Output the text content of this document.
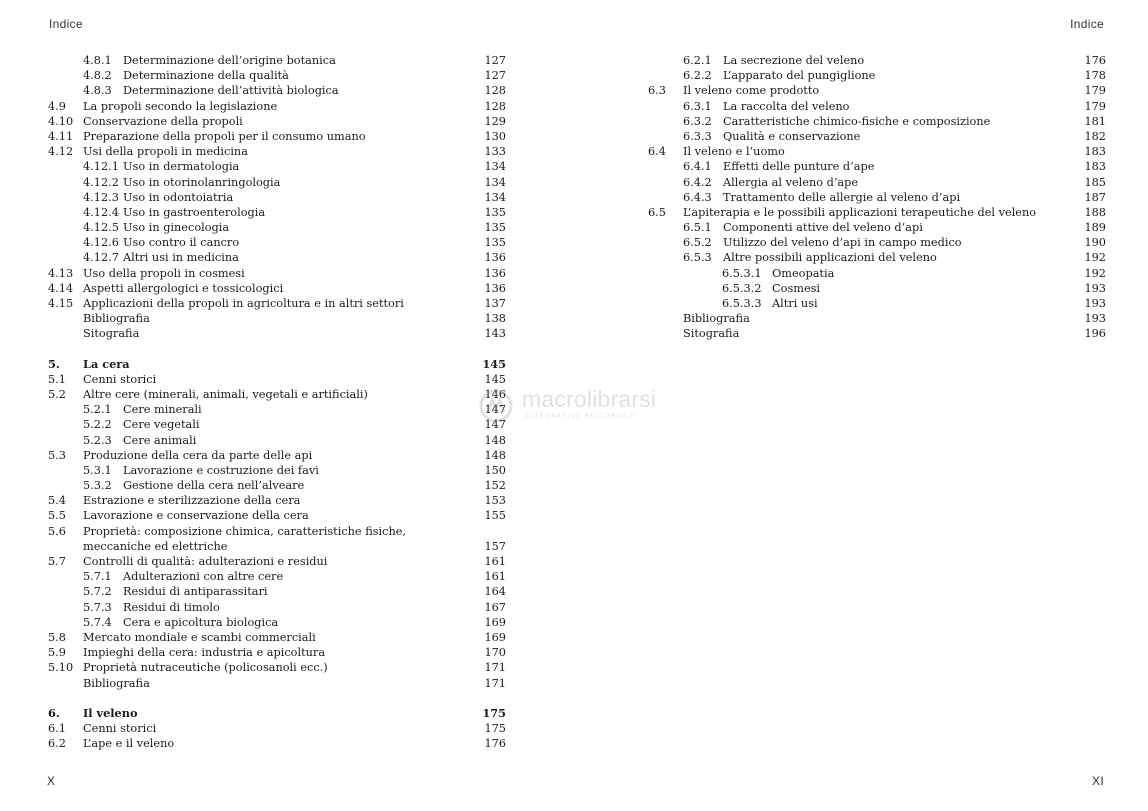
Indice	Indice
4.8.1 Determinazione dell’origine botanica	127
4.8.2 Determinazione della qualità	127
4.8.3 Determinazione dell’attività biologica	128
4.9 La propoli secondo la legislazione	128
4.10 Conservazione della propoli	129
4.11 Preparazione della propoli per il consumo umano	130
4.12 Usi della propoli in medicina	133
4.12.1 Uso in dermatologia	134
4.12.2 Uso in otorinolanringologia	134
4.12.3 Uso in odontoiatria	134
4.12.4 Uso in gastroenterologia	135
4.12.5 Uso in ginecologia	135
4.12.6 Uso contro il cancro	135
4.12.7 Altri usi in medicina	136
4.13 Uso della propoli in cosmesi	136
4.14 Aspetti allergologici e tossicologici	136
4.15 Applicazioni della propoli in agricoltura e in altri settori	137
Bibliografia	138
Sitografia	143
5. La cera	145
5.1 Cenni storici	145
5.2 Altre cere (minerali, animali, vegetali e artificiali)	146
5.2.1 Cere minerali	147
5.2.2 Cere vegetali	147
5.2.3 Cere animali	148
5.3 Produzione della cera da parte delle api	148
5.3.1 Lavorazione e costruzione dei favi	150
5.3.2 Gestione della cera nell’alveare	152
5.4 Estrazione e sterilizzazione della cera	153
5.5 Lavorazione e conservazione della cera	155
5.6 Proprietà: composizione chimica, caratteristiche fisiche,
meccaniche ed elettriche	157
5.7 Controlli di qualità: adulterazioni e residui	161
5.7.1 Adulterazioni con altre cere	161
5.7.2 Residui di antiparassitari	164
5.7.3 Residui di timolo	167
5.7.4 Cera e apicoltura biologica	169
5.8 Mercato mondiale e scambi commerciali	169
5.9 Impieghi della cera: industria e apicoltura	170
5.10 Proprietà nutraceutiche (policosanoli ecc.)	171
Bibliografia	171
6. Il veleno	175
6.1 Cenni storici	175
6.2 L’ape e il veleno	176
6.2.1 La secrezione del veleno	176
6.2.2 L’apparato del pungiglione	178
6.3 Il veleno come prodotto	179
6.3.1 La raccolta del veleno	179
6.3.2 Caratteristiche chimico-fisiche e composizione	181
6.3.3 Qualità e conservazione	182
6.4 Il veleno e l’uomo	183
6.4.1 Effetti delle punture d’ape	183
6.4.2 Allergia al veleno d’ape	185
6.4.3 Trattamento delle allergie al veleno d’api	187
6.5 L’apiterapia e le possibili applicazioni terapeutiche del veleno	188
6.5.1 Componenti attive del veleno d’api	189
6.5.2 Utilizzo del veleno d’api in campo medico	190
6.5.3 Altre possibili applicazioni del veleno	192
6.5.3.1 Omeopatia	192
6.5.3.2 Cosmesi	193
6.5.3.3 Altri usi	193
Bibliografia	193
Sitografia	196
macrolibrarsi
ALTERNATIVE EDITORIALE
X	XI
